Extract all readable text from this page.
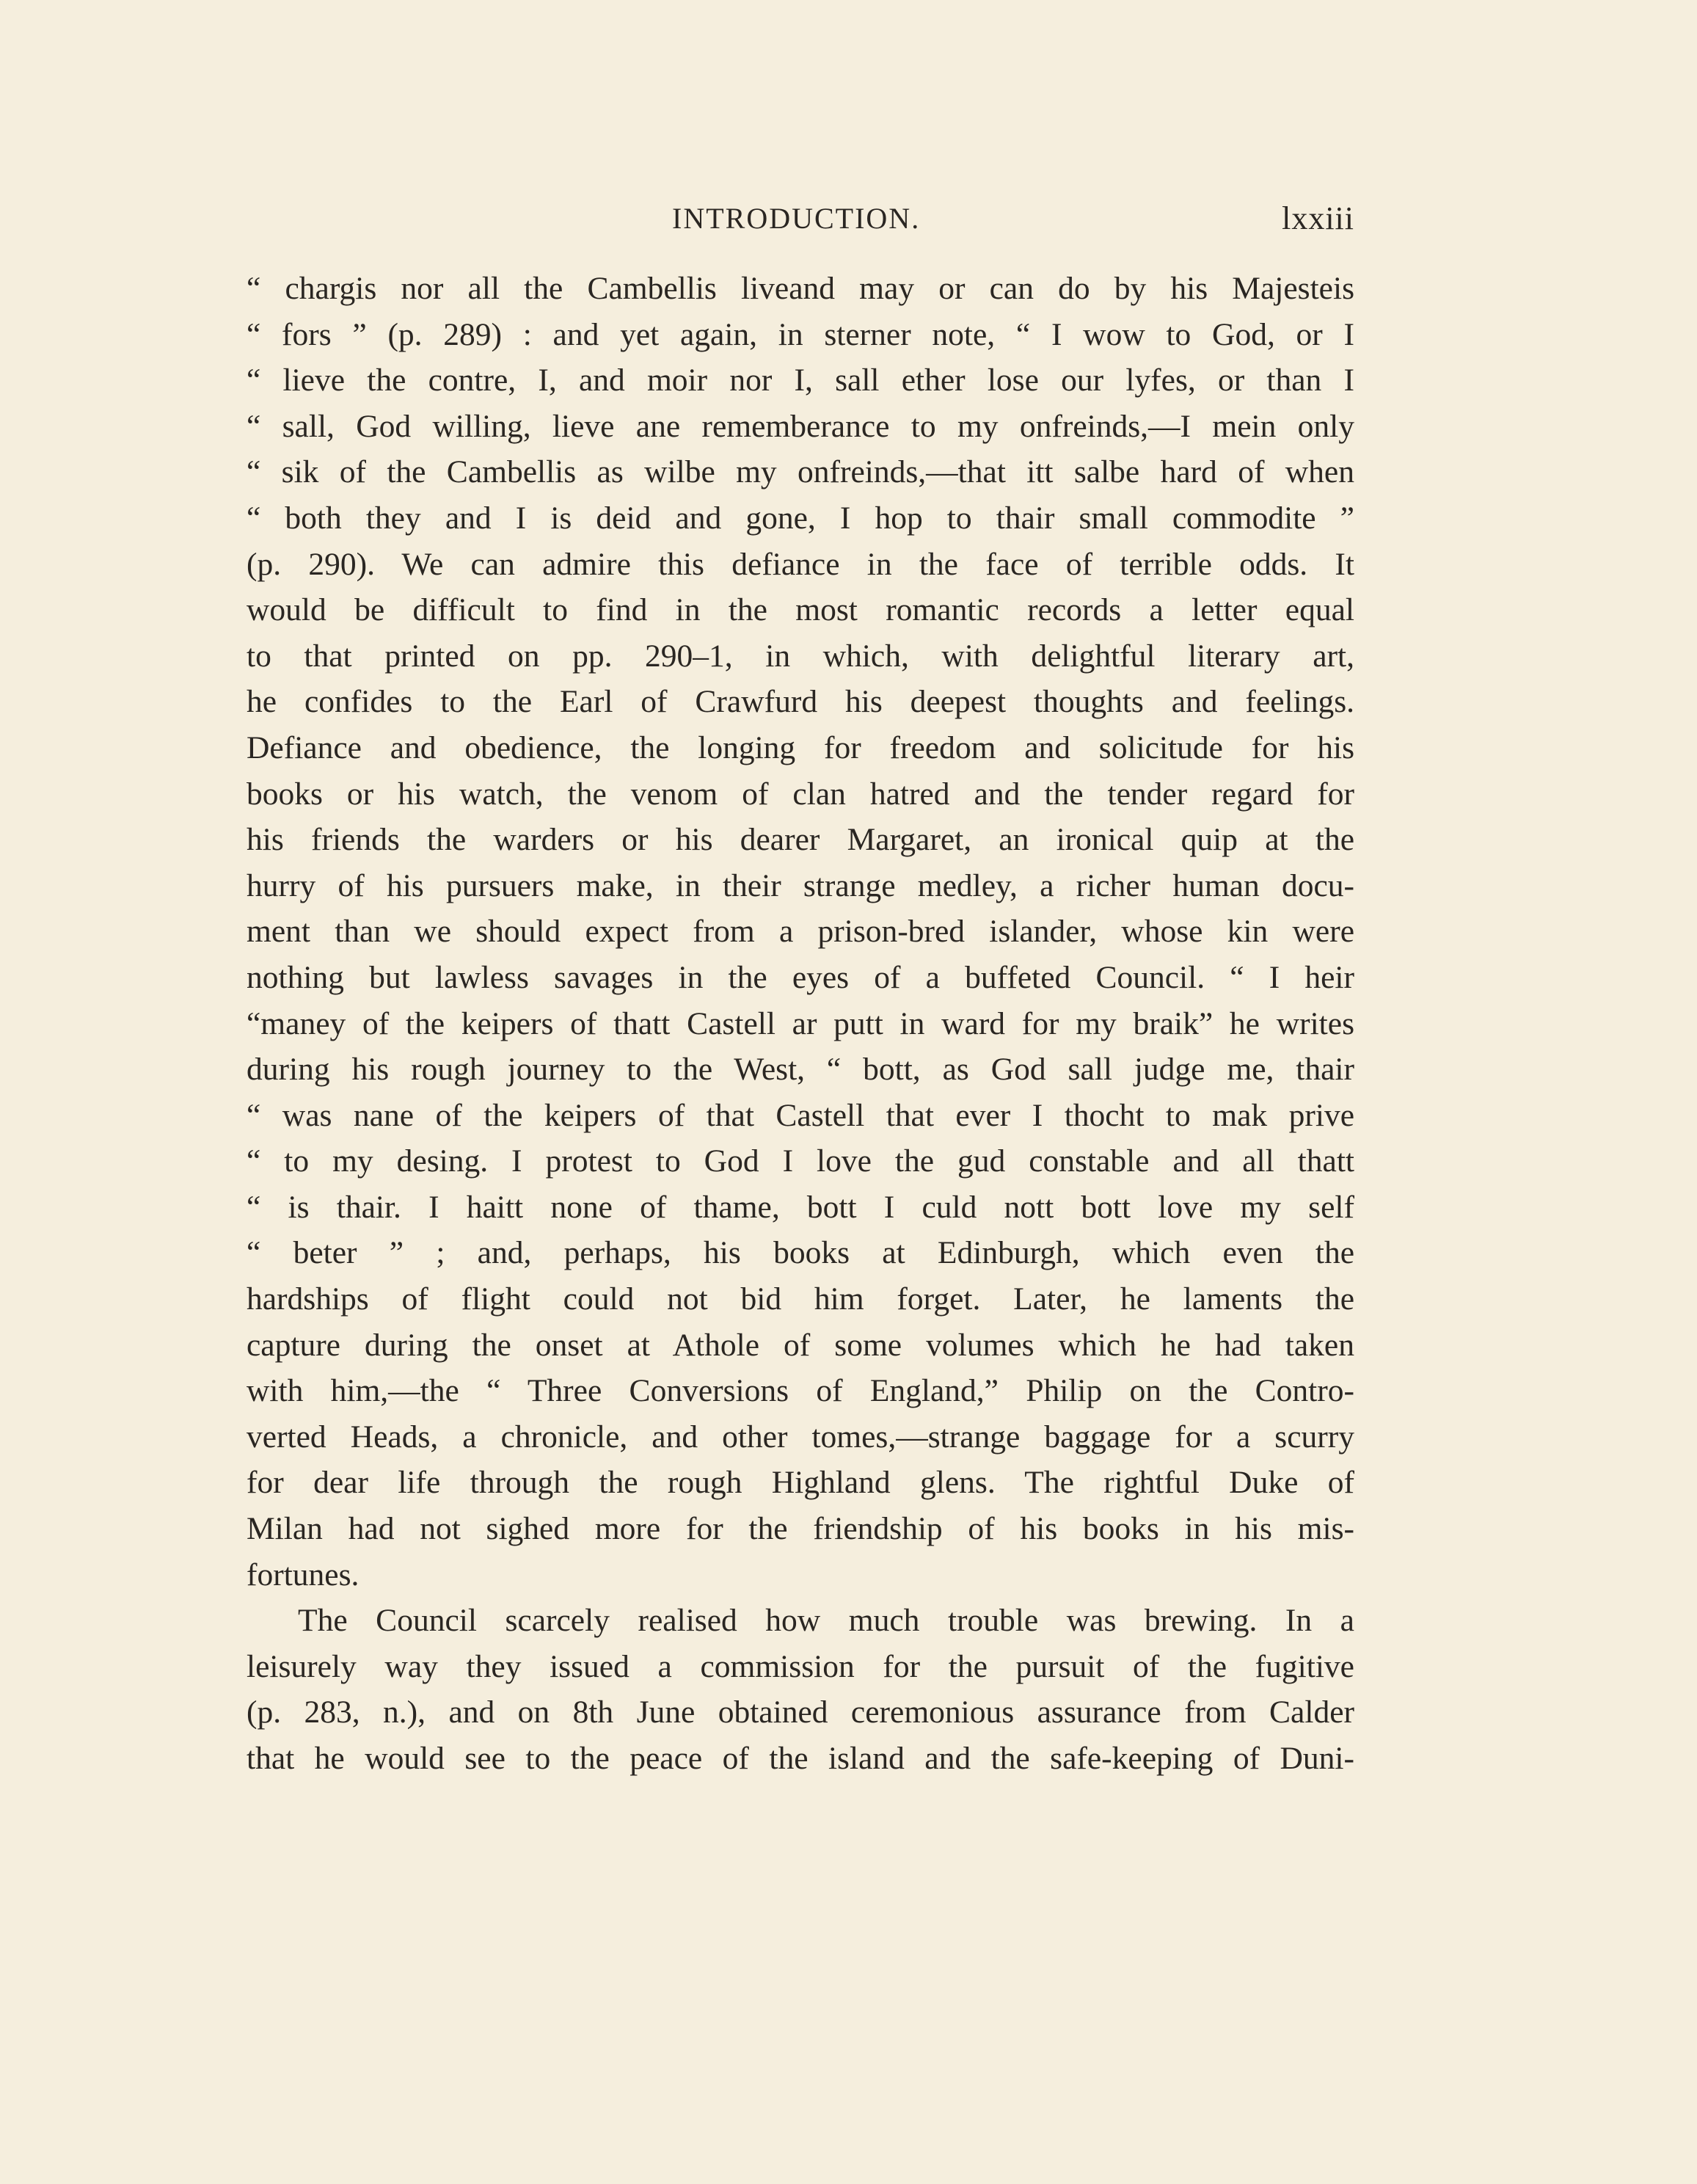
INTRODUCTION.	lxxiii
“ chargis nor all the Cambellis liveand may or can do by his Majesteis
“ fors ” (p. 289) : and yet again, in sterner note, “ I wow to God, or I
“ lieve the contre, I, and moir nor I, sall ether lose our lyfes, or than I
“ sall, God willing, lieve ane rememberance to my onfreinds,—I mein only
“ sik of the Cambellis as wilbe my onfreinds,—that itt salbe hard of when
“ both they and I is deid and gone, I hop to thair small commodite ”
(p. 290). We can admire this defiance in the face of terrible odds. It
would be difficult to find in the most romantic records a letter equal
to that printed on pp. 290–1, in which, with delightful literary art,
he confides to the Earl of Crawfurd his deepest thoughts and feelings.
Defiance and obedience, the longing for freedom and solicitude for his
books or his watch, the venom of clan hatred and the tender regard for
his friends the warders or his dearer Margaret, an ironical quip at the
hurry of his pursuers make, in their strange medley, a richer human docu-
ment than we should expect from a prison-bred islander, whose kin were
nothing but lawless savages in the eyes of a buffeted Council. “ I heir
“maney of the keipers of thatt Castell ar putt in ward for my braik” he writes
during his rough journey to the West, “ bott, as God sall judge me, thair
“ was nane of the keipers of that Castell that ever I thocht to mak prive
“ to my desing. I protest to God I love the gud constable and all thatt
“ is thair. I haitt none of thame, bott I culd nott bott love my self
“ beter ” ; and, perhaps, his books at Edinburgh, which even the
hardships of flight could not bid him forget. Later, he laments the
capture during the onset at Athole of some volumes which he had taken
with him,—the “ Three Conversions of England,” Philip on the Contro-
verted Heads, a chronicle, and other tomes,—strange baggage for a scurry
for dear life through the rough Highland glens. The rightful Duke of
Milan had not sighed more for the friendship of his books in his mis-
fortunes.
The Council scarcely realised how much trouble was brewing. In a
leisurely way they issued a commission for the pursuit of the fugitive
(p. 283, n.), and on 8th June obtained ceremonious assurance from Calder
that he would see to the peace of the island and the safe-keeping of Duni-
